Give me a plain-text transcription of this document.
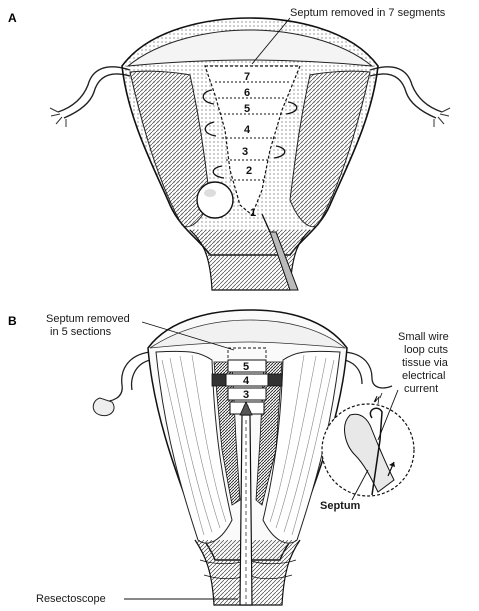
A
7
6
5
4
3
2
1
Septum removed in 7 segments
B
5
4
3
Septum removed
in 5 sections	Small wire
loop cuts
tissue via
electrical
current
Septum
Resectoscope
